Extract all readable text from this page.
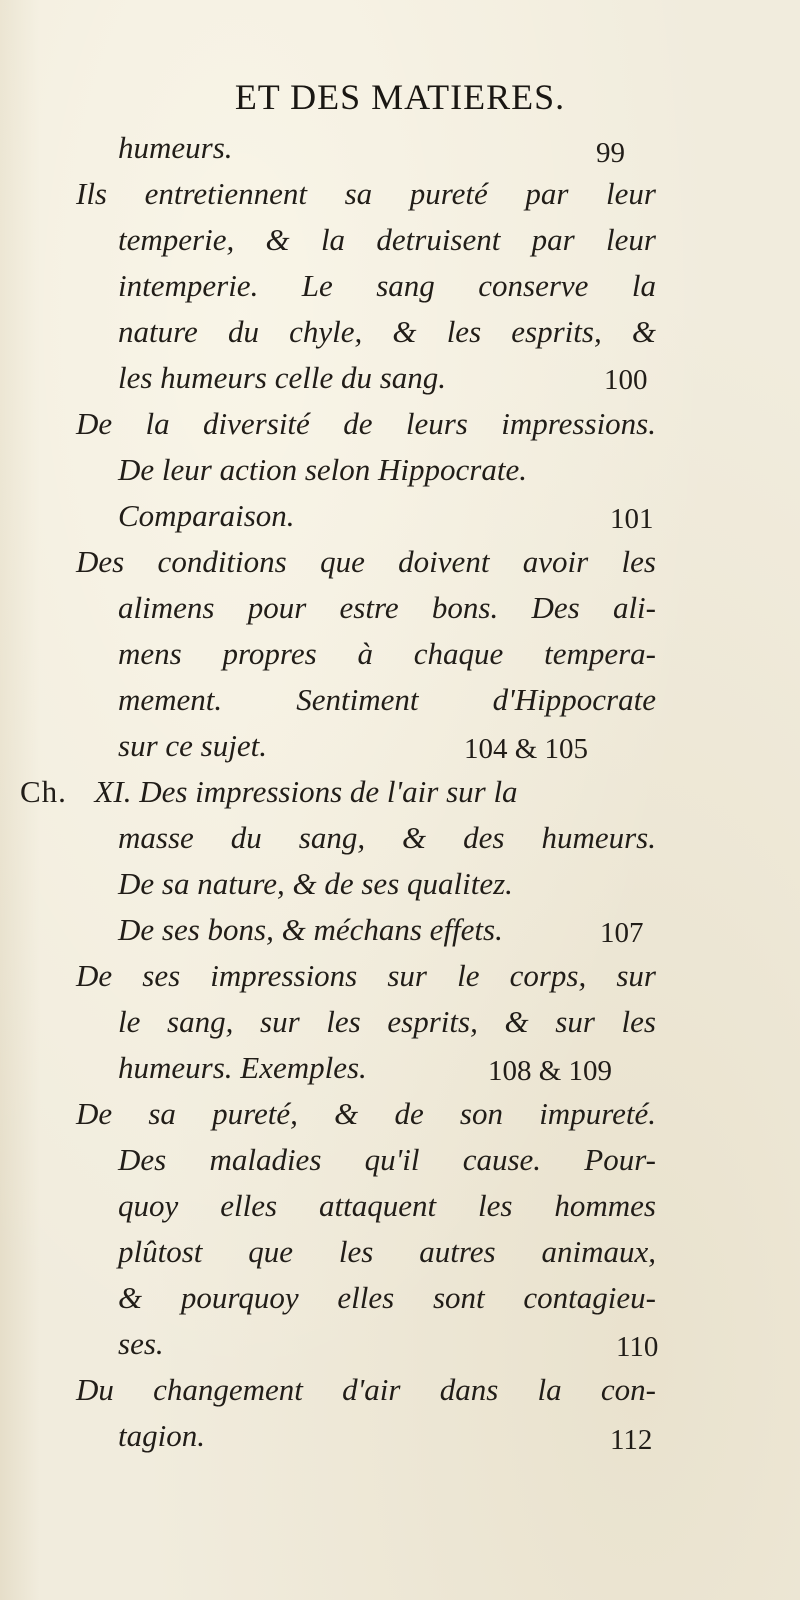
ET DES MATIERES.
humeurs.	99
Ils entretiennent sa pureté par leur
temperie, & la detruisent par leur
intemperie. Le sang conserve la
nature du chyle, & les esprits, &
les humeurs celle du sang.	100
De la diversité de leurs impressions.
De leur action selon Hippocrate.
Comparaison.	101
Des conditions que doivent avoir les
alimens pour estre bons. Des ali-
mens propres à chaque tempera-
mement. Sentiment d'Hippocrate
sur ce sujet.	104 & 105
Ch. XI. Des impressions de l'air sur la
masse du sang, & des humeurs.
De sa nature, & de ses qualitez.
De ses bons, & méchans effets.	107
De ses impressions sur le corps, sur
le sang, sur les esprits, & sur les
humeurs. Exemples.	108 & 109
De sa pureté, & de son impureté.
Des maladies qu'il cause. Pour-
quoy elles attaquent les hommes
plûtost que les autres animaux,
& pourquoy elles sont contagieu-
ses.	110
Du changement d'air dans la con-
tagion.	112
